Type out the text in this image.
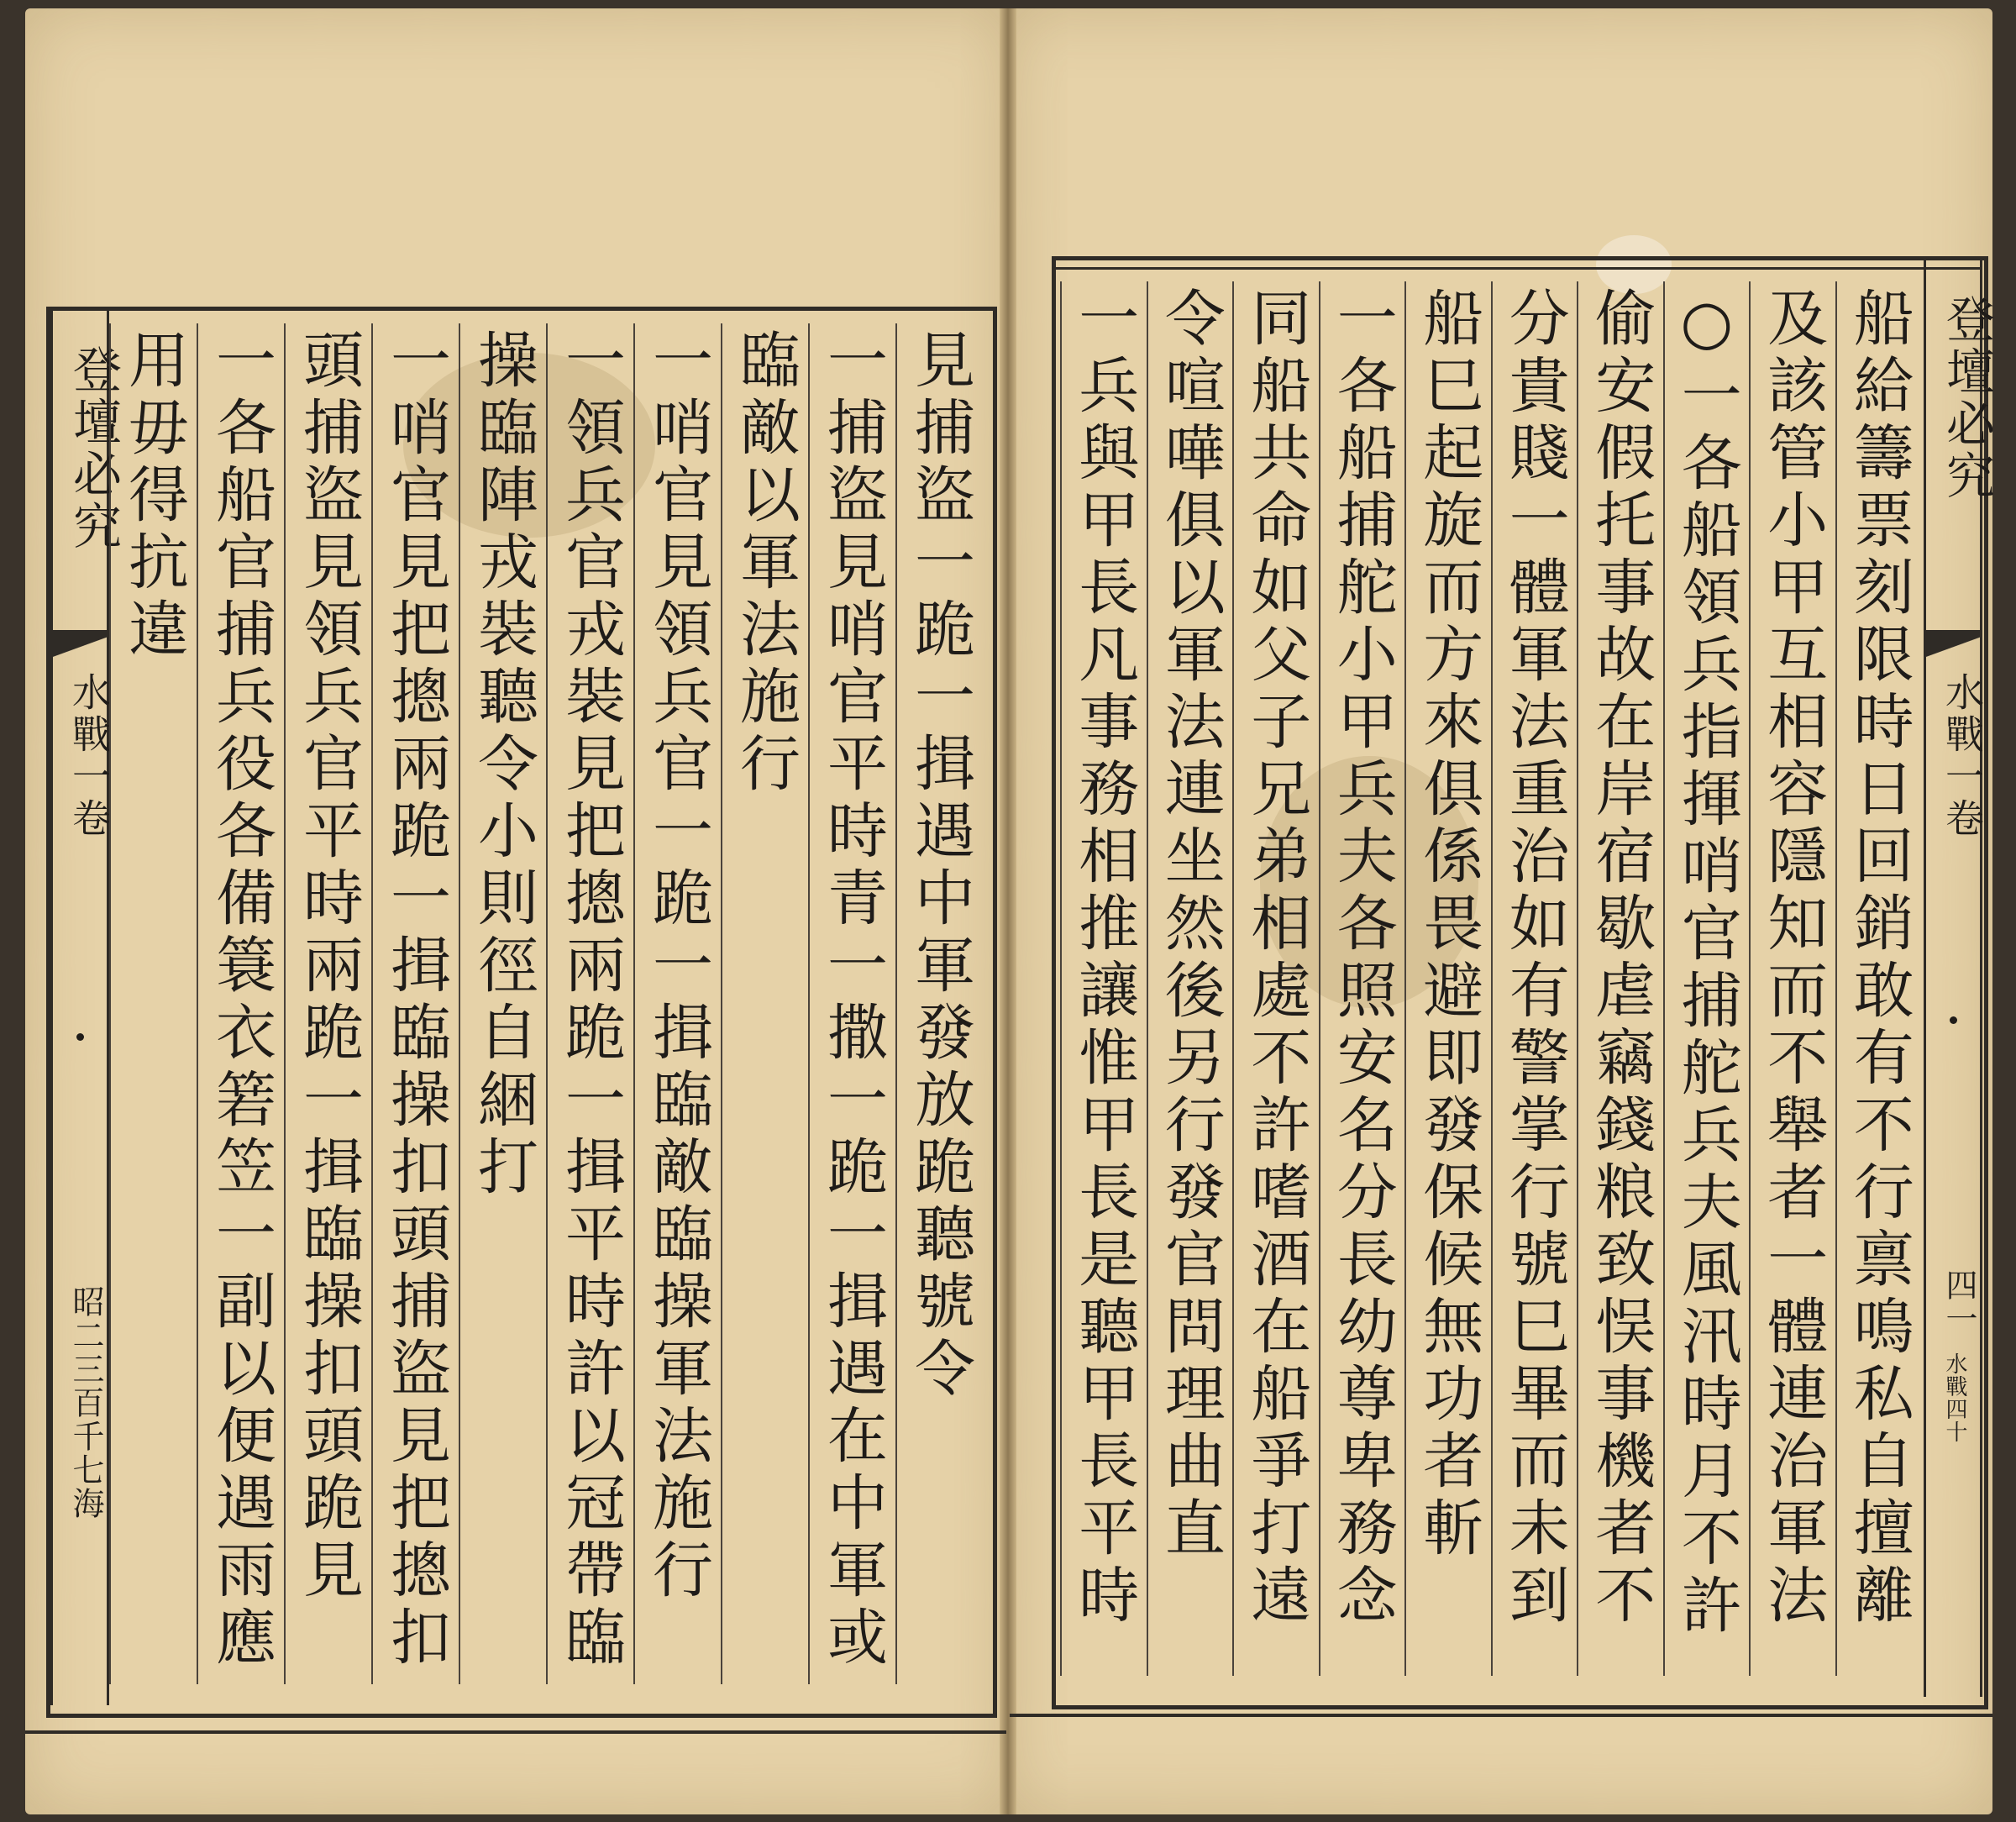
登壇必究
水戰一卷
昭二三百千七海	見捕盜一跪一揖遇中軍發放跪聽號令
一捕盜見哨官平時青一撒一跪一揖遇在中軍或
臨敵以軍法施行
一哨官見領兵官一跪一揖臨敵臨操軍法施行
一領兵官戎裝見把摠兩跪一揖平時許以冠帶臨
操臨陣戎裝聽令小則徑自綑打
一哨官見把摠兩跪一揖臨操扣頭捕盜見把摠扣
頭捕盜見領兵官平時兩跪一揖臨操扣頭跪見
一各船官捕兵役各備簑衣箬笠一副以便遇雨應
用毋得抗違	登壇必究
水戰一卷
四一
水戰四十
船給籌票刻限時日回銷敢有不行禀鳴私自擅離
及該管小甲互相容隱知而不舉者一體連治軍法
○一各船領兵指揮哨官捕舵兵夫風汛時月不許
偷安假托事故在岸宿歇虐竊錢粮致悮事機者不
分貴賤一體軍法重治如有警掌行號巳畢而未到
船巳起旋而方來俱係畏避即發保候無功者斬
一各船捕舵小甲兵夫各照安名分長幼尊卑務念
同船共命如父子兄弟相處不許嗜酒在船爭打遠
令喧嘩俱以軍法連坐然後另行發官問理曲直
一兵與甲長凡事務相推讓惟甲長是聽甲長平時
